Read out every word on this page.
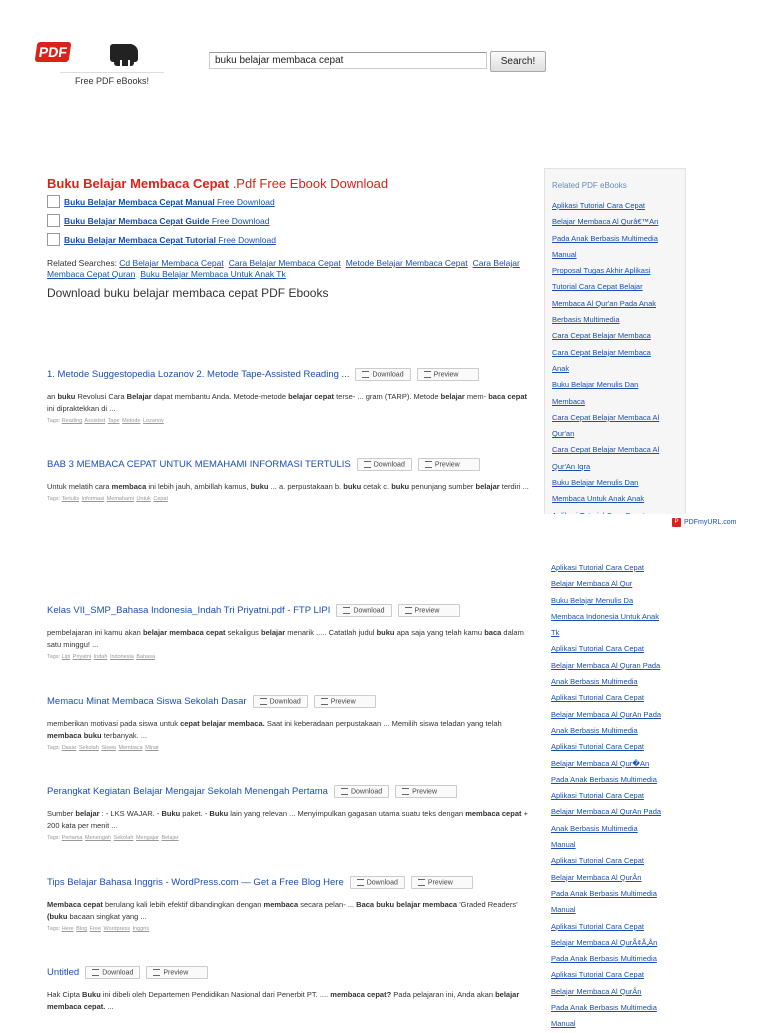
PDF
Free PDF eBooks!
buku belajar membaca cepat	Search!
Buku Belajar Membaca Cepat .Pdf Free Ebook Download
Buku Belajar Membaca Cepat Manual Free Download
Buku Belajar Membaca Cepat Guide Free Download
Buku Belajar Membaca Cepat Tutorial Free Download
Related Searches: Cd Belajar Membaca Cepat Cara Belajar Membaca Cepat Metode Belajar Membaca Cepat Cara Belajar Membaca Cepat Quran Buku Belajar Membaca Untuk Anak Tk
Download buku belajar membaca cepat PDF Ebooks
1. Metode Suggestopedia Lozanov 2. Metode Tape-Assisted Reading ...	Download	Preview
an buku Revolusi Cara Belajar dapat membantu Anda. Metode-metode belajar cepat terse- ... gram (TARP). Metode belajar mem- baca cepat ini dipraktekkan di ...
Tags: Reading Assisted Tape Metode Lozanov
BAB 3 MEMBACA CEPAT UNTUK MEMAHAMI INFORMASI TERTULIS	Download	Preview
Untuk melatih cara membaca ini lebih jauh, ambillah kamus, buku ... a. perpustakaan b. buku cetak c. buku penunjang sumber belajar terdiri ...
Tags: Tertulis Informasi Memahami Untuk Cepat
Kelas VII_SMP_Bahasa Indonesia_Indah Tri Priyatni.pdf - FTP LIPI	Download	Preview
pembelajaran ini kamu akan belajar membaca cepat sekaligus belajar menarik ..... Catatlah judul buku apa saja yang telah kamu baca dalam satu minggu! ...
Tags: Lipi Priyatni Indah Indonesia Bahasa
Memacu Minat Membaca Siswa Sekolah Dasar	Download	Preview
memberikan motivasi pada siswa untuk cepat belajar membaca. Saat ini keberadaan perpustakaan ... Memilih siswa teladan yang telah membaca buku terbanyak. ...
Tags: Dasar Sekolah Siswa Membaca Minat
Perangkat Kegiatan Belajar Mengajar Sekolah Menengah Pertama	Download	Preview
Sumber belajar : - LKS WAJAR. - Buku paket. - Buku lain yang relevan ... Menyimpulkan gagasan utama suatu teks dengan membaca cepat + 200 kata per menit ...
Tags: Pertama Menengah Sekolah Mengajar Belajar
Tips Belajar Bahasa Inggris - WordPress.com — Get a Free Blog Here	Download	Preview
Membaca cepat berulang kali lebih efektif dibandingkan dengan membaca secara pelan- ... Baca buku belajar membaca 'Graded Readers' (buku bacaan singkat yang ...
Tags: Here Blog Free Wordpress Inggris
Untitled	Download	Preview
Hak Cipta Buku ini dibeli oleh Departemen Pendidikan Nasional dari Penerbit PT. .... membaca cepat? Pada pelajaran ini, Anda akan belajar membaca cepat. ...
Related PDF eBooks
Aplikasi Tutorial Cara Cepat
Belajar Membaca Al Qurâ€™An
Pada Anak Berbasis Multimedia
Manual
Proposal Tugas Akhir Aplikasi
Tutorial Cara Cepat Belajar
Membaca Al Qur'an Pada Anak
Berbasis Multimedia
Cara Cepat Belajar Membaca
Cara Cepat Belajar Membaca
Anak
Buku Belajar Menulis Dan
Membaca
Cara Cepat Belajar Membaca Al
Qur'an
Cara Cepat Belajar Membaca Al
Qur'An Iqra
Buku Belajar Menulis Dan
Membaca Untuk Anak Anak
P PDFmyURL.com
Aplikasi Tutorial Cara Cepat
Belajar Membaca Al Qur
Buku Belajar Menulis Da
Membaca Indonesia Untuk Anak
Tk
Aplikasi Tutorial Cara Cepat
Belajar Membaca Al Quran Pada
Anak Berbasis Multimedia
Aplikasi Tutorial Cara Cepat
Belajar Membaca Al QurAn Pada
Anak Berbasis Multimedia
Aplikasi Tutorial Cara Cepat
Belajar Membaca Al Qur�An
Pada Anak Berbasis Multimedia
Aplikasi Tutorial Cara Cepat
Belajar Membaca Al QurAn Pada
Anak Berbasis Multimedia
Manual
Aplikasi Tutorial Cara Cepat
Belajar Membaca Al QurÂn
Pada Anak Berbasis Multimedia
Manual
Aplikasi Tutorial Cara Cepat
Belajar Membaca Al QurÃ¢Ã‚Ân
Pada Anak Berbasis Multimedia
Aplikasi Tutorial Cara Cepat
Belajar Membaca Al QurÂn
Pada Anak Berbasis Multimedia
Manual
